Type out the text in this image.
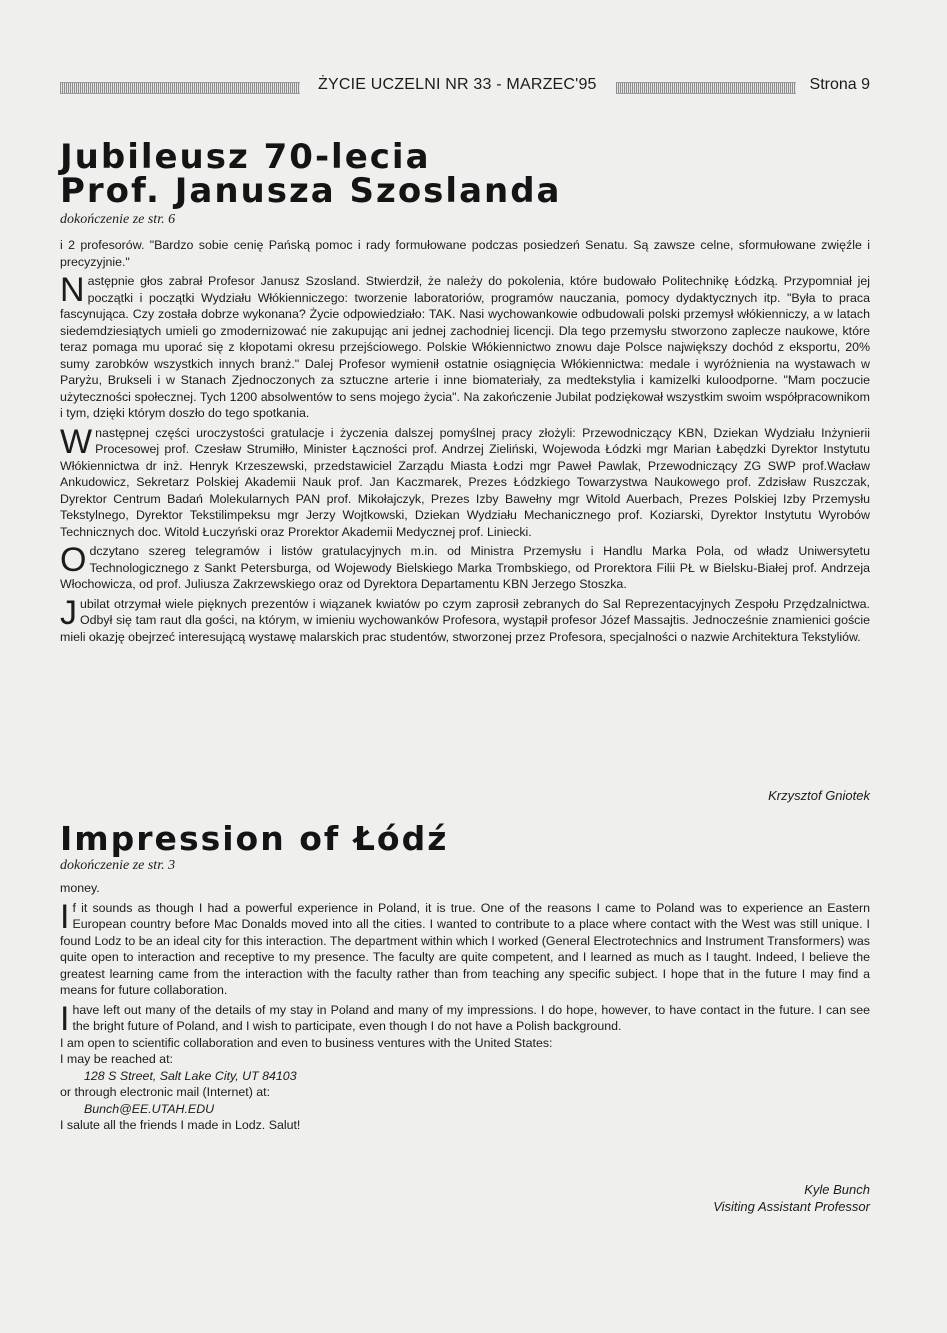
ŻYCIE UCZELNI NR 33 - MARZEC'95	Strona 9
Jubileusz 70-lecia
Prof. Janusza Szoslanda
dokończenie ze str. 6

i 2 profesorów. "Bardzo sobie cenię Pańską pomoc i rady formułowane podczas posiedzeń Senatu. Są zawsze celne, sformułowane zwięźle i precyzyjnie."

Następnie głos zabrał Profesor Janusz Szosland. Stwierdził, że należy do pokolenia, które budowało Politechnikę Łódzką. Przypomniał jej początki i początki Wydziału Włókienniczego: tworzenie laboratoriów, programów nauczania, pomocy dydaktycznych itp. "Była to praca fascynująca. Czy została dobrze wykonana? Życie odpowiedziało: TAK. Nasi wychowankowie odbudowali polski przemysł włókienniczy, a w latach siedemdziesiątych umieli go zmodernizować nie zakupując ani jednej zachodniej licencji. Dla tego przemysłu stworzono zaplecze naukowe, które teraz pomaga mu uporać się z kłopotami okresu przejściowego. Polskie Włókiennictwo znowu daje Polsce największy dochód z eksportu, 20% sumy zarobków wszystkich innych branż." Dalej Profesor wymienił ostatnie osiągnięcia Włókiennictwa: medale i wyróżnienia na wystawach w Paryżu, Brukseli i w Stanach Zjednoczonych za sztuczne arterie i inne biomateriały, za medtekstylia i kamizelki kuloodporne. "Mam poczucie użyteczności społecznej. Tych 1200 absolwentów to sens mojego życia". Na zakończenie Jubilat podziękował wszystkim swoim współpracownikom i tym, dzięki którym doszło do tego spotkania.

Wnastępnej części uroczystości gratulacje i życzenia dalszej pomyślnej pracy złożyli: Przewodniczący KBN, Dziekan Wydziału Inżynierii Procesowej prof. Czesław Strumiłło, Minister Łączności prof. Andrzej Zieliński, Wojewoda Łódzki mgr Marian Łabędzki Dyrektor Instytutu Włókiennictwa dr inż. Henryk Krzeszewski, przedstawiciel Zarządu Miasta Łodzi mgr Paweł Pawlak, Przewodniczący ZG SWP prof.Wacław Ankudowicz, Sekretarz Polskiej Akademii Nauk prof. Jan Kaczmarek, Prezes Łódzkiego Towarzystwa Naukowego prof. Zdzisław Ruszczak, Dyrektor Centrum Badań Molekularnych PAN prof. Mikołajczyk, Prezes Izby Bawełny mgr Witold Auerbach, Prezes Polskiej Izby Przemysłu Tekstylnego, Dyrektor Tekstilimpeksu mgr Jerzy Wojtkowski, Dziekan Wydziału Mechanicznego prof. Koziarski, Dyrektor Instytutu Wyrobów Technicznych doc. Witold Łuczyński oraz Prorektor Akademii Medycznej prof. Liniecki.

Odczytano szereg telegramów i listów gratulacyjnych m.in. od Ministra Przemysłu i Handlu Marka Pola, od władz Uniwersytetu Technologicznego z Sankt Petersburga, od Wojewody Bielskiego Marka Trombskiego, od Prorektora Filii PŁ w Bielsku-Białej prof. Andrzeja Włochowicza, od prof. Juliusza Zakrzewskiego oraz od Dyrektora Departamentu KBN Jerzego Stoszka.

Jubilat otrzymał wiele pięknych prezentów i wiązanek kwiatów po czym zaprosił zebranych do Sal Reprezentacyjnych Zespołu Przędzalnictwa. Odbył się tam raut dla gości, na którym, w imieniu wychowanków Profesora, wystąpił profesor Józef Massajtis. Jednocześnie znamienici goście mieli okazję obejrzeć interesującą wystawę malarskich prac studentów, stworzonej przez Profesora, specjalności o nazwie Architektura Tekstyliów.

Krzysztof Gniotek
Impression of Łódź
dokończenie ze str. 3

money.

If it sounds as though I had a powerful experience in Poland, it is true. One of the reasons I came to Poland was to experience an Eastern European country before Mac Donalds moved into all the cities. I wanted to contribute to a place where contact with the West was still unique. I found Lodz to be an ideal city for this interaction. The department within which I worked (General Electrotechnics and Instrument Transformers) was quite open to interaction and receptive to my presence. The faculty are quite competent, and I learned as much as I taught. Indeed, I believe the greatest learning came from the interaction with the faculty rather than from teaching any specific subject. I hope that in the future I may find a means for future collaboration.

Ihave left out many of the details of my stay in Poland and many of my impressions. I do hope, however, to have contact in the future. I can see the bright future of Poland, and I wish to participate, even though I do not have a Polish background.

I am open to scientific collaboration and even to business ventures with the United States:

I may be reached at:

128 S Street, Salt Lake City, UT 84103

or through electronic mail (Internet) at:

Bunch@EE.UTAH.EDU

I salute all the friends I made in Lodz. Salut!

Kyle Bunch
Visiting Assistant Professor
